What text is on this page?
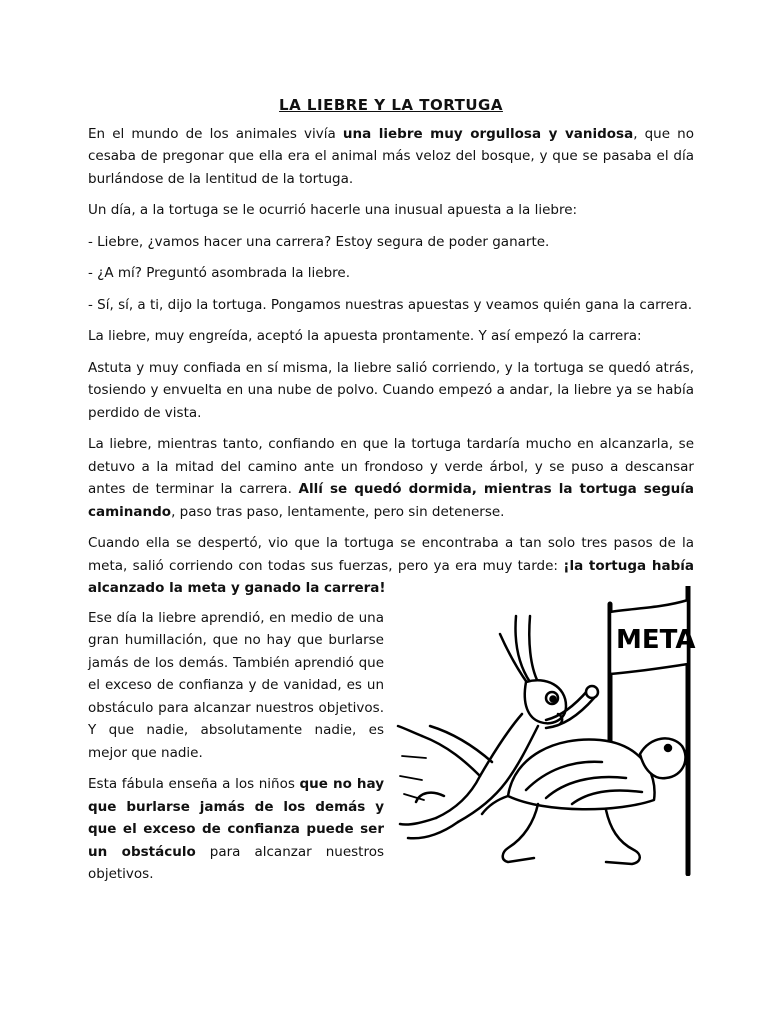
LA LIEBRE Y LA TORTUGA

En el mundo de los animales vivía una liebre muy orgullosa y vanidosa, que no cesaba de pregonar que ella era el animal más veloz del bosque, y que se pasaba el día burlándose de la lentitud de la tortuga.

Un día, a la tortuga se le ocurrió hacerle una inusual apuesta a la liebre:

- Liebre, ¿vamos hacer una carrera? Estoy segura de poder ganarte.

- ¿A mí? Preguntó asombrada la liebre.

- Sí, sí, a ti, dijo la tortuga. Pongamos nuestras apuestas y veamos quién gana la carrera.

La liebre, muy engreída, aceptó la apuesta prontamente. Y así empezó la carrera:

Astuta y muy confiada en sí misma, la liebre salió corriendo, y la tortuga se quedó atrás, tosiendo y envuelta en una nube de polvo. Cuando empezó a andar, la liebre ya se había perdido de vista.

La liebre, mientras tanto, confiando en que la tortuga tardaría mucho en alcanzarla, se detuvo a la mitad del camino ante un frondoso y verde árbol, y se puso a descansar antes de terminar la carrera. Allí se quedó dormida, mientras la tortuga seguía caminando, paso tras paso, lentamente, pero sin detenerse.

Cuando ella se despertó, vio que la tortuga se encontraba a tan solo tres pasos de la meta, salió corriendo con todas sus fuerzas, pero ya era muy tarde: ¡la tortuga había alcanzado la meta y ganado la carrera!

Ese día la liebre aprendió, en medio de una gran humillación, que no hay que burlarse jamás de los demás. También aprendió que el exceso de confianza y de vanidad, es un obstáculo para alcanzar nuestros objetivos. Y que nadie, absolutamente nadie, es mejor que nadie.

Esta fábula enseña a los niños que no hay que burlarse jamás de los demás y que el exceso de confianza puede ser un obstáculo para alcanzar nuestros objetivos.

META
